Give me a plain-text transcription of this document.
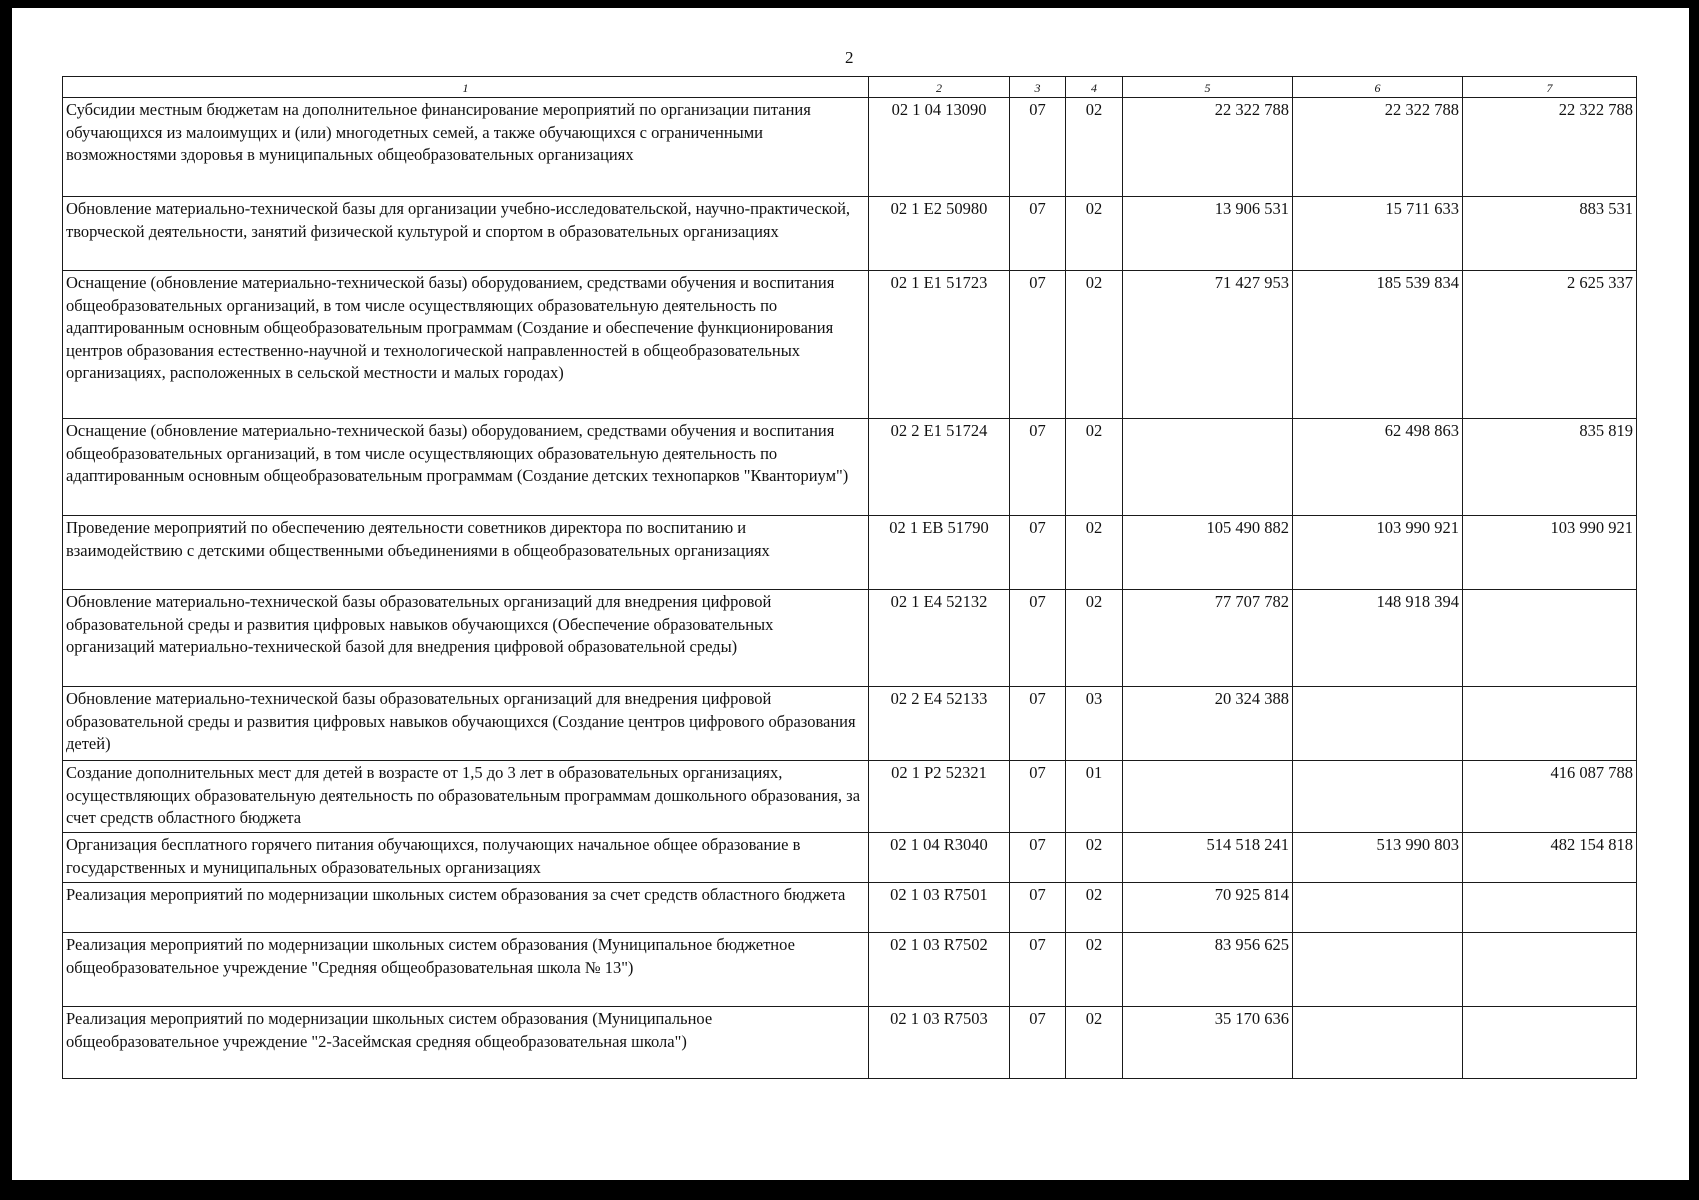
2
1	2	3	4	5	6	7
Субсидии местным бюджетам на дополнительное финансирование мероприятий по организации питания обучающихся из малоимущих и (или) многодетных семей, а также обучающихся с ограниченными возможностями здоровья в муниципальных общеобразовательных организациях	02 1 04 13090	07	02	22 322 788	22 322 788	22 322 788
Обновление материально-технической базы для организации учебно-исследовательской, научно-практической, творческой деятельности, занятий физической культурой и спортом в образовательных организациях	02 1 E2 50980	07	02	13 906 531	15 711 633	883 531
Оснащение (обновление материально-технической базы) оборудованием, средствами обучения и воспитания общеобразовательных организаций, в том числе осуществляющих образовательную деятельность по адаптированным основным общеобразовательным программам (Создание и обеспечение функционирования центров образования естественно-научной и технологической направленностей в общеобразовательных организациях, расположенных в сельской местности и малых городах)	02 1 E1 51723	07	02	71 427 953	185 539 834	2 625 337
Оснащение (обновление материально-технической базы) оборудованием, средствами обучения и воспитания общеобразовательных организаций, в том числе осуществляющих образовательную деятельность по адаптированным основным общеобразовательным программам (Создание детских технопарков "Кванториум")	02 2 E1 51724	07	02		62 498 863	835 819
Проведение мероприятий по обеспечению деятельности советников директора по воспитанию и взаимодействию с детскими общественными объединениями в общеобразовательных организациях	02 1 EB 51790	07	02	105 490 882	103 990 921	103 990 921
Обновление материально-технической базы образовательных организаций для внедрения цифровой образовательной среды и развития цифровых навыков обучающихся (Обеспечение образовательных организаций материально-технической базой для внедрения цифровой образовательной среды)	02 1 E4 52132	07	02	77 707 782	148 918 394	
Обновление материально-технической базы образовательных организаций для внедрения цифровой образовательной среды и развития цифровых навыков обучающихся (Создание центров цифрового образования детей)	02 2 E4 52133	07	03	20 324 388		
Создание дополнительных мест для детей в возрасте от 1,5 до 3 лет в образовательных организациях, осуществляющих образовательную деятельность по образовательным программам дошкольного образования, за счет средств областного бюджета	02 1 P2 52321	07	01			416 087 788
Организация бесплатного горячего питания обучающихся, получающих начальное общее образование в государственных и муниципальных образовательных организациях	02 1 04 R3040	07	02	514 518 241	513 990 803	482 154 818
Реализация мероприятий по модернизации школьных систем образования за счет средств областного бюджета	02 1 03 R7501	07	02	70 925 814		
Реализация мероприятий по модернизации школьных систем образования (Муниципальное бюджетное общеобразовательное учреждение "Средняя общеобразовательная школа № 13")	02 1 03 R7502	07	02	83 956 625		
Реализация мероприятий по модернизации школьных систем образования (Муниципальное общеобразовательное учреждение "2-Засеймская средняя общеобразовательная школа")	02 1 03 R7503	07	02	35 170 636		
